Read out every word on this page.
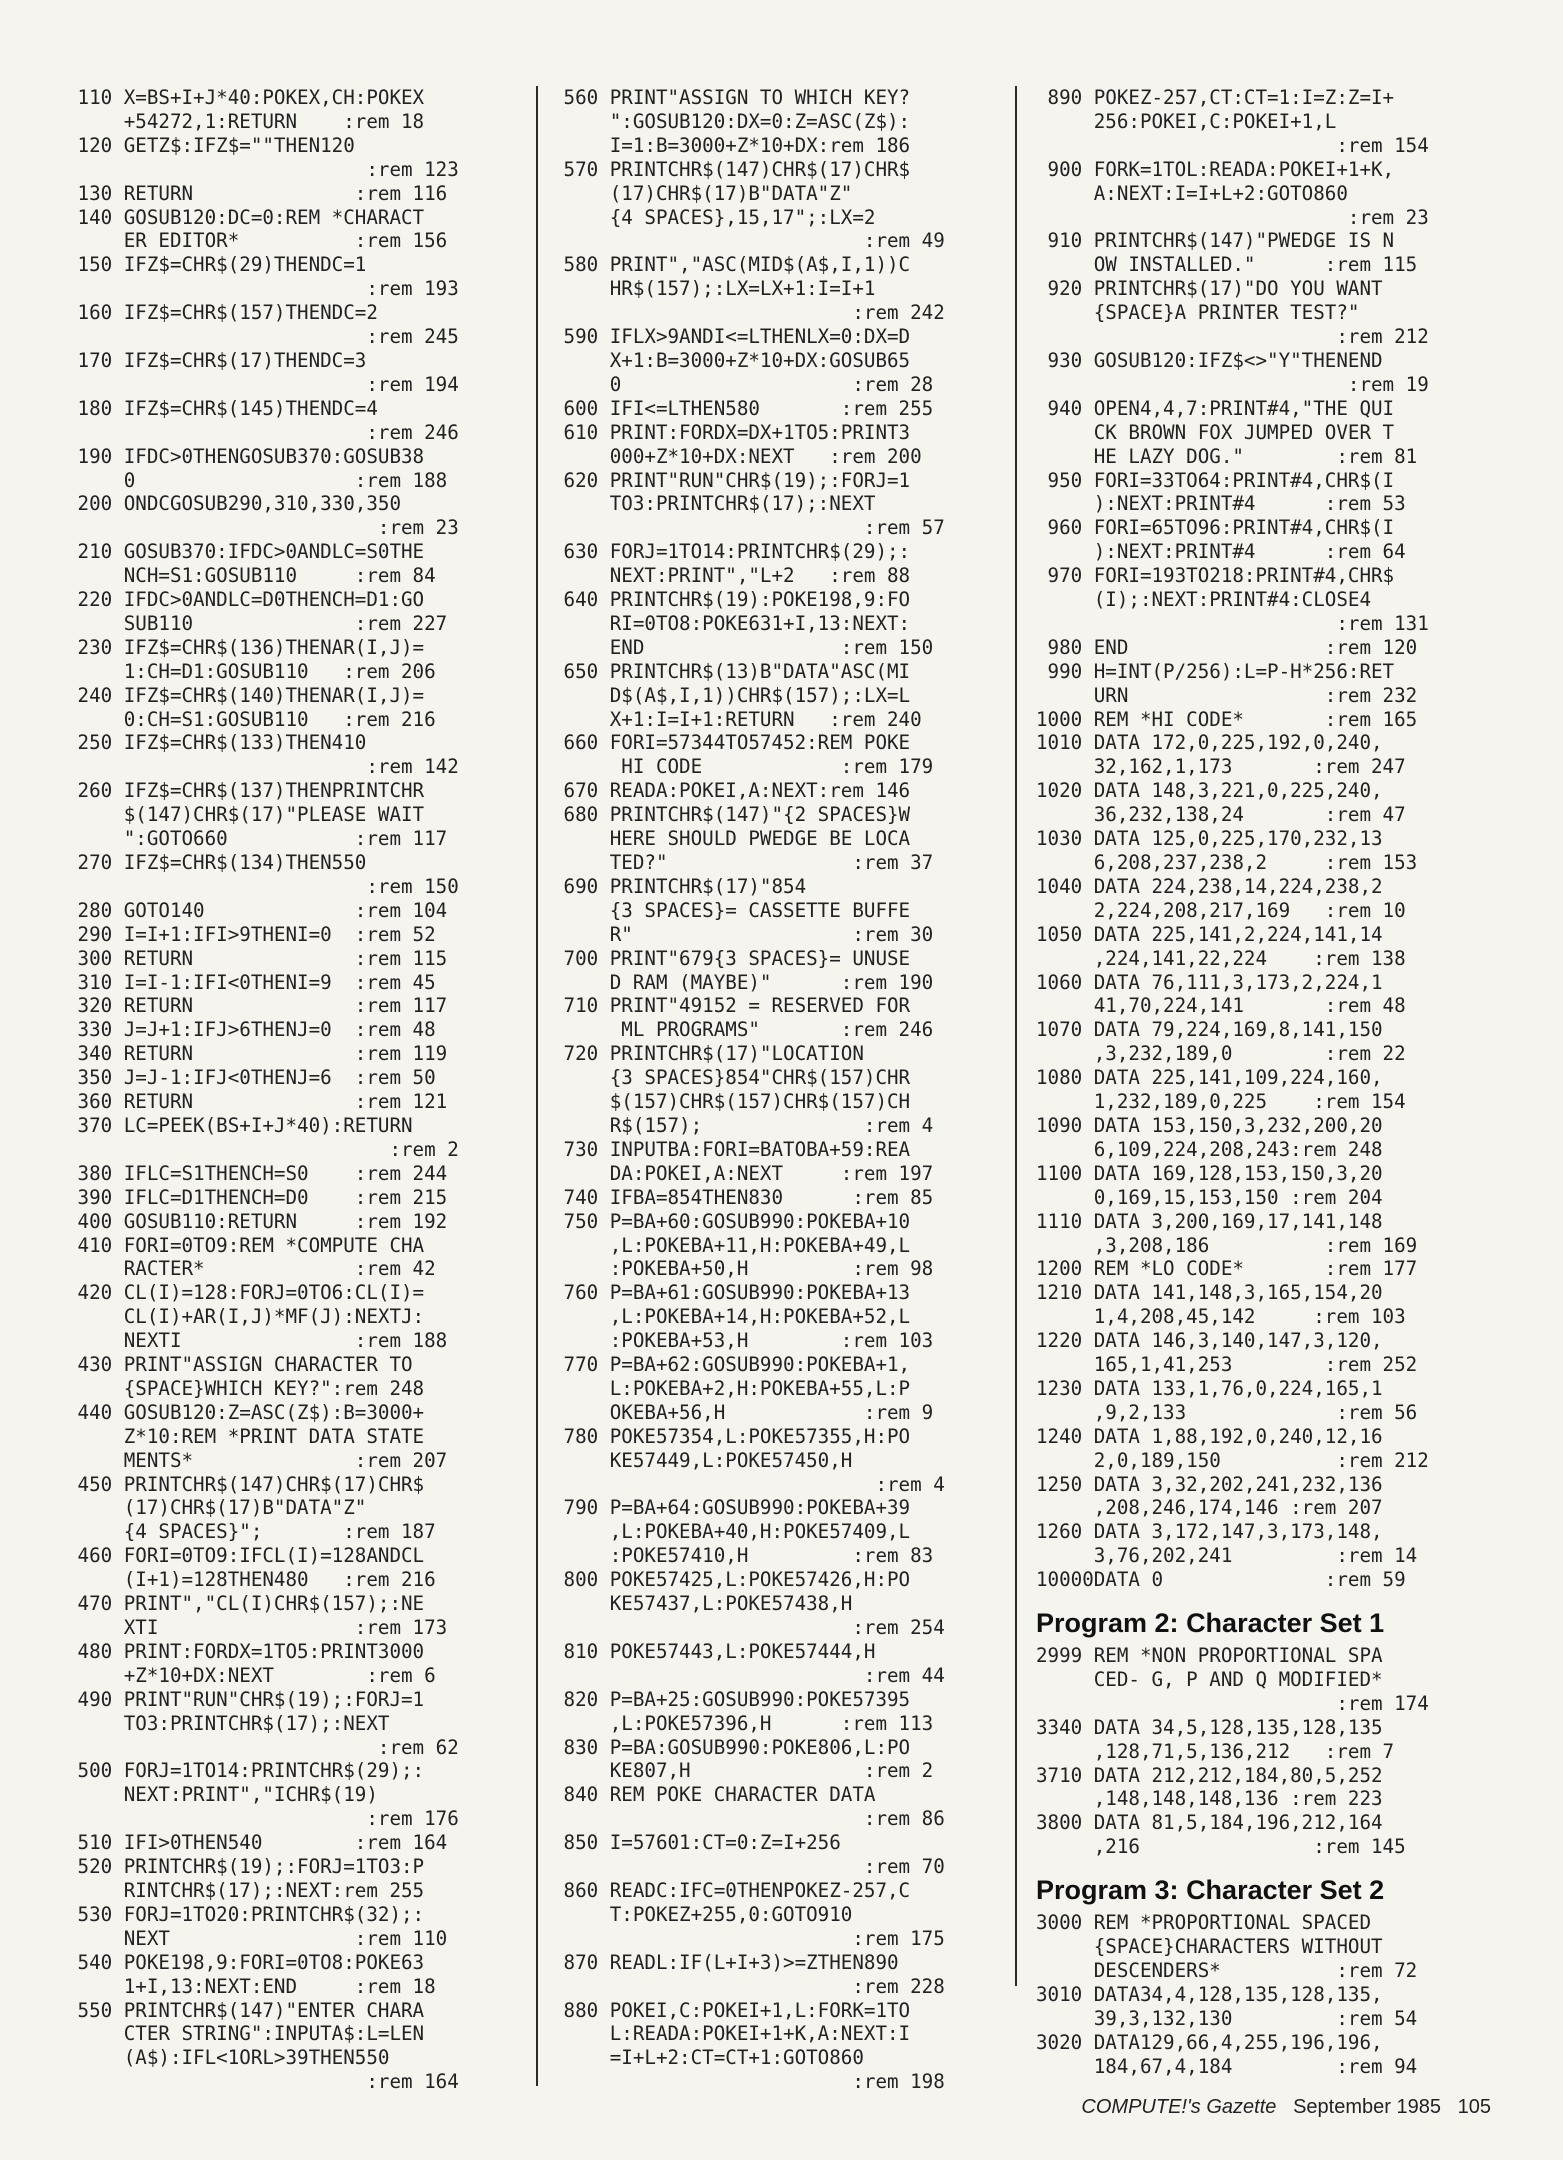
110
X=BS+I+J*40:POKEX,CH:POKEX
+54272,1:RETURN    :rem 18
120
GETZ$:IFZ$=""THEN120
:rem 123
130
RETURN              :rem 116
140
GOSUB120:DC=0:REM *CHARACT
ER EDITOR*          :rem 156
150
IFZ$=CHR$(29)THENDC=1
:rem 193
160
IFZ$=CHR$(157)THENDC=2
:rem 245
170
IFZ$=CHR$(17)THENDC=3
:rem 194
180
IFZ$=CHR$(145)THENDC=4
:rem 246
190
IFDC>0THENGOSUB370:GOSUB38
0                   :rem 188
200
ONDCGOSUB290,310,330,350
:rem 23
210
GOSUB370:IFDC>0ANDLC=S0THE
NCH=S1:GOSUB110     :rem 84
220
IFDC>0ANDLC=D0THENCH=D1:GO
SUB110              :rem 227
230
IFZ$=CHR$(136)THENAR(I,J)=
1:CH=D1:GOSUB110   :rem 206
240
IFZ$=CHR$(140)THENAR(I,J)=
0:CH=S1:GOSUB110   :rem 216
250
IFZ$=CHR$(133)THEN410
:rem 142
260
IFZ$=CHR$(137)THENPRINTCHR
$(147)CHR$(17)"PLEASE WAIT
":GOTO660           :rem 117
270
IFZ$=CHR$(134)THEN550
:rem 150
280
GOTO140             :rem 104
290
I=I+1:IFI>9THENI=0  :rem 52
300
RETURN              :rem 115
310
I=I-1:IFI<0THENI=9  :rem 45
320
RETURN              :rem 117
330
J=J+1:IFJ>6THENJ=0  :rem 48
340
RETURN              :rem 119
350
J=J-1:IFJ<0THENJ=6  :rem 50
360
RETURN              :rem 121
370
LC=PEEK(BS+I+J*40):RETURN
:rem 2
380
IFLC=S1THENCH=S0    :rem 244
390
IFLC=D1THENCH=D0    :rem 215
400
GOSUB110:RETURN     :rem 192
410
FORI=0TO9:REM *COMPUTE CHA
RACTER*             :rem 42
420
CL(I)=128:FORJ=0TO6:CL(I)=
CL(I)+AR(I,J)*MF(J):NEXTJ:
NEXTI               :rem 188
430
PRINT"ASSIGN CHARACTER TO
{SPACE}WHICH KEY?":rem 248
440
GOSUB120:Z=ASC(Z$):B=3000+
Z*10:REM *PRINT DATA STATE
MENTS*              :rem 207
450
PRINTCHR$(147)CHR$(17)CHR$
(17)CHR$(17)B"DATA"Z"
{4 SPACES}";       :rem 187
460
FORI=0TO9:IFCL(I)=128ANDCL
(I+1)=128THEN480   :rem 216
470
PRINT","CL(I)CHR$(157);:NE
XTI                 :rem 173
480
PRINT:FORDX=1TO5:PRINT3000
+Z*10+DX:NEXT        :rem 6
490
PRINT"RUN"CHR$(19);:FORJ=1
TO3:PRINTCHR$(17);:NEXT
:rem 62
500
FORJ=1TO14:PRINTCHR$(29);:
NEXT:PRINT","ICHR$(19)
:rem 176
510
IFI>0THEN540        :rem 164
520
PRINTCHR$(19);:FORJ=1TO3:P
RINTCHR$(17);:NEXT:rem 255
530
FORJ=1TO20:PRINTCHR$(32);:
NEXT                :rem 110
540
POKE198,9:FORI=0TO8:POKE63
1+I,13:NEXT:END     :rem 18
550
PRINTCHR$(147)"ENTER CHARA
CTER STRING":INPUTA$:L=LEN
(A$):IFL<1ORL>39THEN550
:rem 164
560
PRINT"ASSIGN TO WHICH KEY?
":GOSUB120:DX=0:Z=ASC(Z$):
I=1:B=3000+Z*10+DX:rem 186
570
PRINTCHR$(147)CHR$(17)CHR$
(17)CHR$(17)B"DATA"Z"
{4 SPACES},15,17";:LX=2
:rem 49
580
PRINT","ASC(MID$(A$,I,1))C
HR$(157);:LX=LX+1:I=I+1
:rem 242
590
IFLX>9ANDI<=LTHENLX=0:DX=D
X+1:B=3000+Z*10+DX:GOSUB65
0                    :rem 28
600
IFI<=LTHEN580       :rem 255
610
PRINT:FORDX=DX+1TO5:PRINT3
000+Z*10+DX:NEXT   :rem 200
620
PRINT"RUN"CHR$(19);:FORJ=1
TO3:PRINTCHR$(17);:NEXT
:rem 57
630
FORJ=1TO14:PRINTCHR$(29);:
NEXT:PRINT","L+2   :rem 88
640
PRINTCHR$(19):POKE198,9:FO
RI=0TO8:POKE631+I,13:NEXT:
END                 :rem 150
650
PRINTCHR$(13)B"DATA"ASC(MI
D$(A$,I,1))CHR$(157);:LX=L
X+1:I=I+1:RETURN   :rem 240
660
FORI=57344TO57452:REM POKE
HI CODE            :rem 179
670
READA:POKEI,A:NEXT:rem 146
680
PRINTCHR$(147)"{2 SPACES}W
HERE SHOULD PWEDGE BE LOCA
TED?"                :rem 37
690
PRINTCHR$(17)"854
{3 SPACES}= CASSETTE BUFFE
R"                   :rem 30
700
PRINT"679{3 SPACES}= UNUSE
D RAM (MAYBE)"      :rem 190
710
PRINT"49152 = RESERVED FOR
ML PROGRAMS"       :rem 246
720
PRINTCHR$(17)"LOCATION
{3 SPACES}854"CHR$(157)CHR
$(157)CHR$(157)CHR$(157)CH
R$(157);              :rem 4
730
INPUTBA:FORI=BATOBA+59:REA
DA:POKEI,A:NEXT     :rem 197
740
IFBA=854THEN830      :rem 85
750
P=BA+60:GOSUB990:POKEBA+10
,L:POKEBA+11,H:POKEBA+49,L
:POKEBA+50,H         :rem 98
760
P=BA+61:GOSUB990:POKEBA+13
,L:POKEBA+14,H:POKEBA+52,L
:POKEBA+53,H        :rem 103
770
P=BA+62:GOSUB990:POKEBA+1,
L:POKEBA+2,H:POKEBA+55,L:P
OKEBA+56,H            :rem 9
780
POKE57354,L:POKE57355,H:PO
KE57449,L:POKE57450,H
:rem 4
790
P=BA+64:GOSUB990:POKEBA+39
,L:POKEBA+40,H:POKE57409,L
:POKE57410,H         :rem 83
800
POKE57425,L:POKE57426,H:PO
KE57437,L:POKE57438,H
:rem 254
810
POKE57443,L:POKE57444,H
:rem 44
820
P=BA+25:GOSUB990:POKE57395
,L:POKE57396,H      :rem 113
830
P=BA:GOSUB990:POKE806,L:PO
KE807,H               :rem 2
840
REM POKE CHARACTER DATA
:rem 86
850
I=57601:CT=0:Z=I+256
:rem 70
860
READC:IFC=0THENPOKEZ-257,C
T:POKEZ+255,0:GOTO910
:rem 175
870
READL:IF(L+I+3)>=ZTHEN890
:rem 228
880
POKEI,C:POKEI+1,L:FORK=1TO
L:READA:POKEI+1+K,A:NEXT:I
=I+L+2:CT=CT+1:GOTO860
:rem 198
890
POKEZ-257,CT:CT=1:I=Z:Z=I+
256:POKEI,C:POKEI+1,L
:rem 154
900
FORK=1TOL:READA:POKEI+1+K,
A:NEXT:I=I+L+2:GOTO860
:rem 23
910
PRINTCHR$(147)"PWEDGE IS N
OW INSTALLED."      :rem 115
920
PRINTCHR$(17)"DO YOU WANT
{SPACE}A PRINTER TEST?"
:rem 212
930
GOSUB120:IFZ$<>"Y"THENEND
:rem 19
940
OPEN4,4,7:PRINT#4,"THE QUI
CK BROWN FOX JUMPED OVER T
HE LAZY DOG."        :rem 81
950
FORI=33TO64:PRINT#4,CHR$(I
):NEXT:PRINT#4      :rem 53
960
FORI=65TO96:PRINT#4,CHR$(I
):NEXT:PRINT#4      :rem 64
970
FORI=193TO218:PRINT#4,CHR$
(I);:NEXT:PRINT#4:CLOSE4
:rem 131
980
END                 :rem 120
990
H=INT(P/256):L=P-H*256:RET
URN                 :rem 232
1000
REM *HI CODE*       :rem 165
1010
DATA 172,0,225,192,0,240,
32,162,1,173       :rem 247
1020
DATA 148,3,221,0,225,240,
36,232,138,24       :rem 47
1030
DATA 125,0,225,170,232,13
6,208,237,238,2     :rem 153
1040
DATA 224,238,14,224,238,2
2,224,208,217,169   :rem 10
1050
DATA 225,141,2,224,141,14
,224,141,22,224    :rem 138
1060
DATA 76,111,3,173,2,224,1
41,70,224,141       :rem 48
1070
DATA 79,224,169,8,141,150
,3,232,189,0        :rem 22
1080
DATA 225,141,109,224,160,
1,232,189,0,225    :rem 154
1090
DATA 153,150,3,232,200,20
6,109,224,208,243:rem 248
1100
DATA 169,128,153,150,3,20
0,169,15,153,150 :rem 204
1110
DATA 3,200,169,17,141,148
,3,208,186          :rem 169
1200
REM *LO CODE*       :rem 177
1210
DATA 141,148,3,165,154,20
1,4,208,45,142     :rem 103
1220
DATA 146,3,140,147,3,120,
165,1,41,253        :rem 252
1230
DATA 133,1,76,0,224,165,1
,9,2,133             :rem 56
1240
DATA 1,88,192,0,240,12,16
2,0,189,150          :rem 212
1250
DATA 3,32,202,241,232,136
,208,246,174,146 :rem 207
1260
DATA 3,172,147,3,173,148,
3,76,202,241         :rem 14
10000
DATA 0              :rem 59
Program 2: Character Set 1
2999
REM *NON PROPORTIONAL SPA
CED- G, P AND Q MODIFIED*
:rem 174
3340
DATA 34,5,128,135,128,135
,128,71,5,136,212   :rem 7
3710
DATA 212,212,184,80,5,252
,148,148,148,136 :rem 223
3800
DATA 81,5,184,196,212,164
,216               :rem 145
Program 3: Character Set 2
3000
REM *PROPORTIONAL SPACED
{SPACE}CHARACTERS WITHOUT
DESCENDERS*          :rem 72
3010
DATA34,4,128,135,128,135,
39,3,132,130         :rem 54
3020
DATA129,66,4,255,196,196,
184,67,4,184         :rem 94
COMPUTE!'s Gazette September 1985 105
